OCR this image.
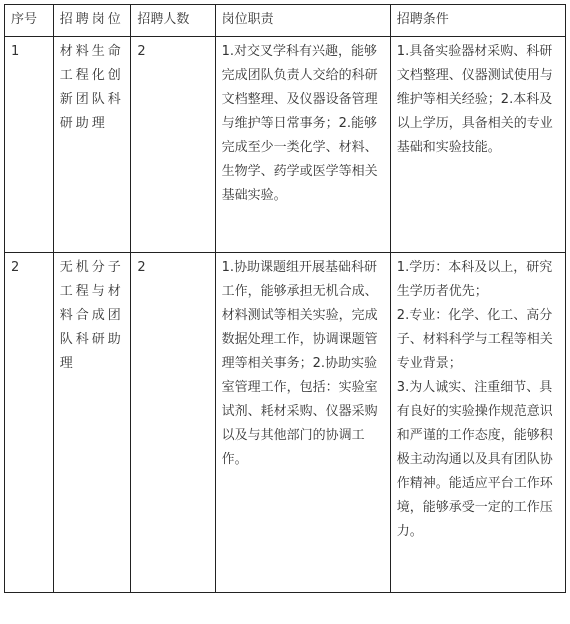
序号	招聘岗位	招聘人数	岗位职责	招聘条件
1	材料生命工程化创新团队科研助理	2	1.对交叉学科有兴趣，能够完成团队负责人交给的科研文档整理、及仪器设备管理与维护等日常事务；2.能够完成至少一类化学、材料、生物学、药学或医学等相关基础实验。	1.具备实验器材采购、科研文档整理、仪器测试使用与维护等相关经验；2.本科及以上学历，具备相关的专业基础和实验技能。

2	无机分子工程与材料合成团队科研助理	2	1.协助课题组开展基础科研工作，能够承担无机合成、材料测试等相关实验，完成数据处理工作，协调课题管理等相关事务；2.协助实验室管理工作，包括：实验室试剂、耗材采购、仪器采购以及与其他部门的协调工作。	1.学历：本科及以上，研究生学历者优先；
2.专业：化学、化工、高分子、材料科学与工程等相关专业背景；
3.为人诚实、注重细节、具有良好的实验操作规范意识和严谨的工作态度，能够积极主动沟通以及具有团队协作精神。能适应平台工作环境，能够承受一定的工作压力。
